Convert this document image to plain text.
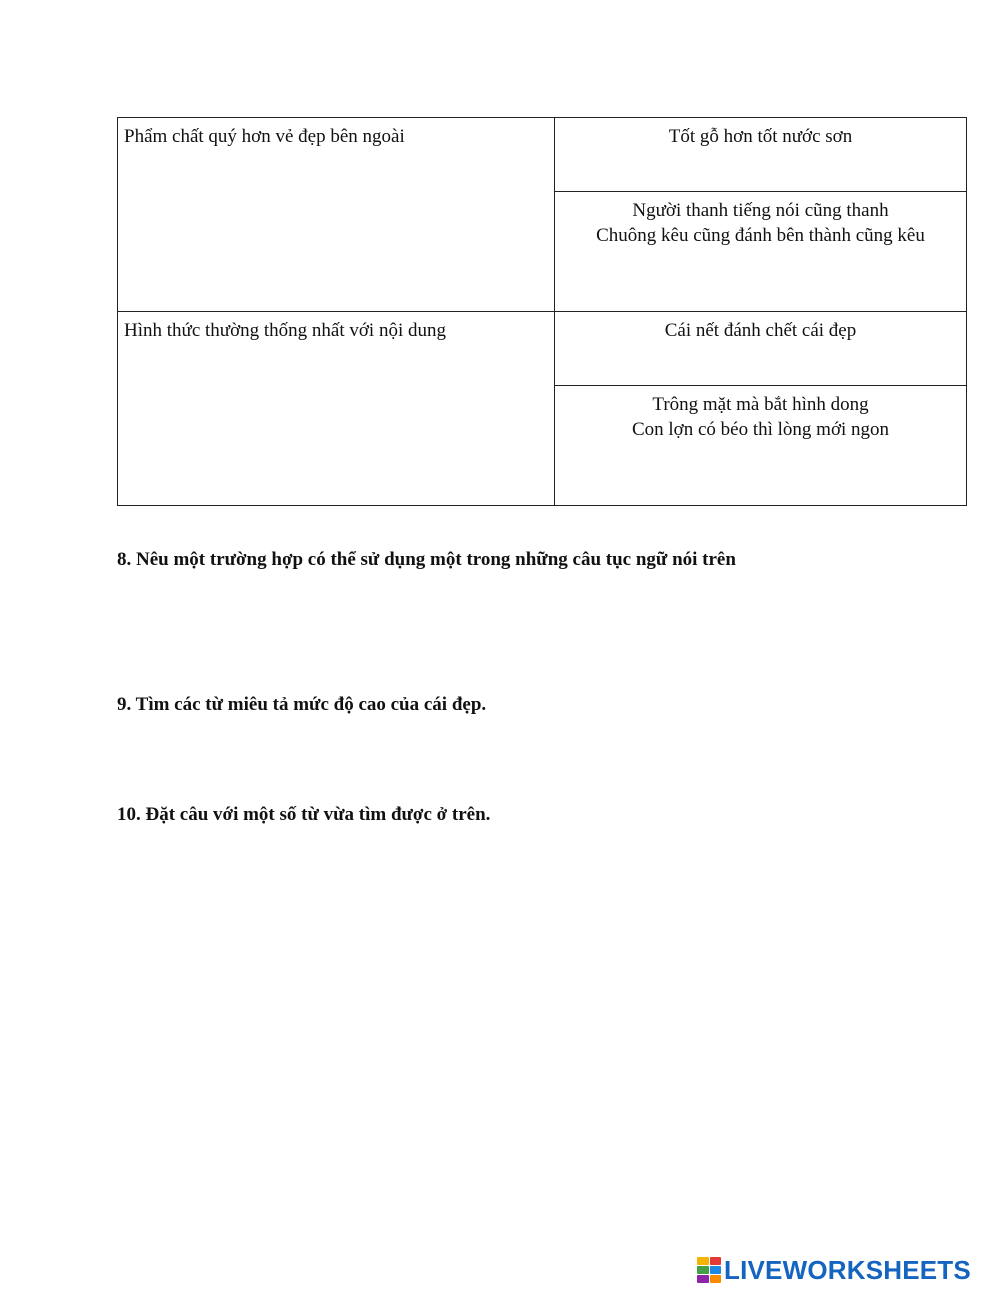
Phẩm chất quý hơn vẻ đẹp bên ngoài	Tốt gỗ hơn tốt nước sơn

	Người thanh tiếng nói cũng thanh
Chuông kêu cũng đánh bên thành cũng kêu

Hình thức thường thống nhất với nội dung	Cái nết đánh chết cái đẹp

	Trông mặt mà bắt hình dong
Con lợn có béo thì lòng mới ngon

8. Nêu một trường hợp có thể sử dụng một trong những câu tục ngữ nói trên

9. Tìm các từ miêu tả mức độ cao của cái đẹp.

10. Đặt câu với một số từ vừa tìm được ở trên.

LIVEWORKSHEETS
